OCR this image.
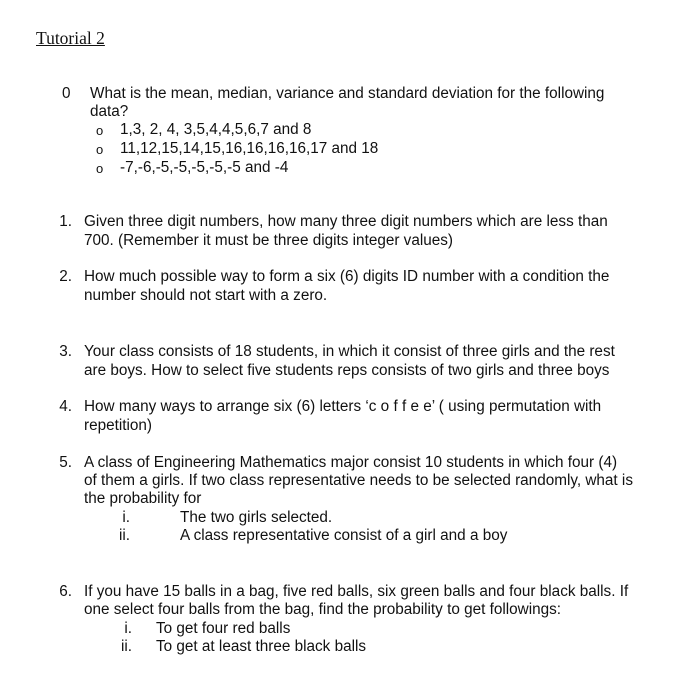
Tutorial 2
0 What is the mean, median, variance and standard deviation for the following
data?
o 1,3, 2, 4, 3,5,4,4,5,6,7 and 8
o 11,12,15,14,15,16,16,16,16,17 and 18
o -7,-6,-5,-5,-5,-5,-5 and -4
1. Given three digit numbers, how many three digit numbers which are less than
700. (Remember it must be three digits integer values)
2. How much possible way to form a six (6) digits ID number with a condition the
number should not start with a zero.
3. Your class consists of 18 students, in which it consist of three girls and the rest
are boys. How to select five students reps consists of two girls and three boys
4. How many ways to arrange six (6) letters ‘c o f f e e’ ( using permutation with
repetition)
5. A class of Engineering Mathematics major consist 10 students in which four (4)
of them a girls. If two class representative needs to be selected randomly, what is
the probability for
i.	The two girls selected.
ii.	A class representative consist of a girl and a boy
6. If you have 15 balls in a bag, five red balls, six green balls and four black balls. If
one select four balls from the bag, find the probability to get followings:
i. To get four red balls
ii. To get at least three black balls
